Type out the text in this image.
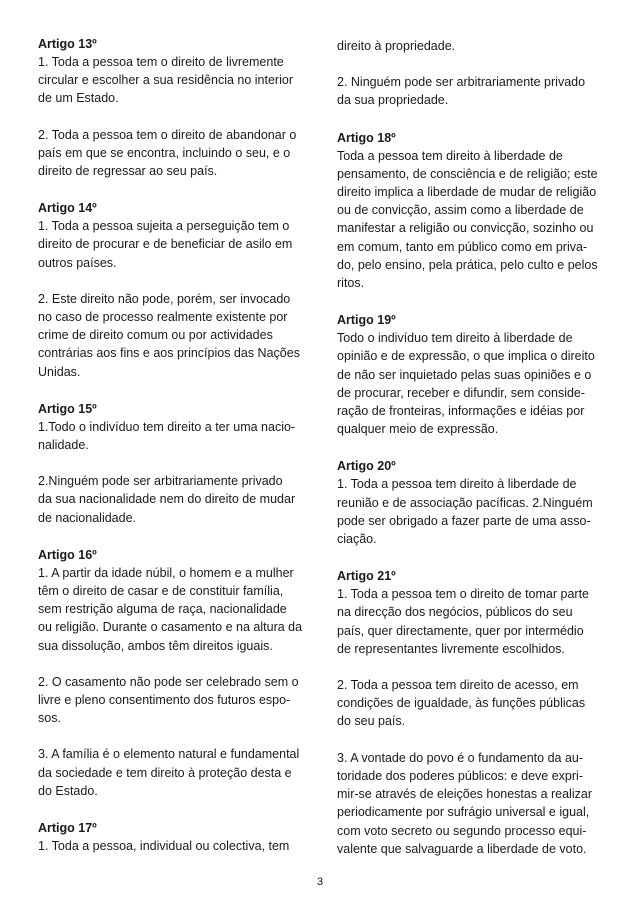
Artigo 13º

1. Toda a pessoa tem o direito de livremente
circular e escolher a sua residência no interior
de um Estado.

2. Toda a pessoa tem o direito de abandonar o
país em que se encontra, incluindo o seu, e o
direito de regressar ao seu país.

Artigo 14º

1. Toda a pessoa sujeita a perseguição tem o
direito de procurar e de beneficiar de asilo em
outros países.

2. Este direito não pode, porém, ser invocado
no caso de processo realmente existente por
crime de direito comum ou por actividades
contrárias aos fins e aos princípios das Nações
Unidas.

Artigo 15º

1.Todo o indivíduo tem direito a ter uma nacio-
nalidade.

2.Ninguém pode ser arbitrariamente privado
da sua nacionalidade nem do direito de mudar
de nacionalidade.

Artigo 16º

1. A partir da idade núbil, o homem e a mulher
têm o direito de casar e de constituir família,
sem restrição alguma de raça, nacionalidade
ou religião. Durante o casamento e na altura da
sua dissolução, ambos têm direitos iguais.

2. O casamento não pode ser celebrado sem o
livre e pleno consentimento dos futuros espo-
sos.

3. A família é o elemento natural e fundamental
da sociedade e tem direito à proteção desta e
do Estado.

Artigo 17º

1. Toda a pessoa, individual ou colectiva, tem

direito à propriedade.

2. Ninguém pode ser arbitrariamente privado
da sua propriedade.

Artigo 18º

Toda a pessoa tem direito à liberdade de
pensamento, de consciência e de religião; este
direito implica a liberdade de mudar de religião
ou de convicção, assim como a liberdade de
manifestar a religião ou convicção, sozinho ou
em comum, tanto em público como em priva-
do, pelo ensino, pela prática, pelo culto e pelos
ritos.

Artigo 19º

Todo o indivíduo tem direito à liberdade de
opinião e de expressão, o que implica o direito
de não ser inquietado pelas suas opiniões e o
de procurar, receber e difundir, sem conside-
ração de fronteiras, informações e idéias por
qualquer meio de expressão.

Artigo 20º

1. Toda a pessoa tem direito à liberdade de
reunião e de associação pacíficas. 2.Ninguém
pode ser obrigado a fazer parte de uma asso-
ciação.

Artigo 21º

1. Toda a pessoa tem o direito de tomar parte
na direcção dos negócios, públicos do seu
país, quer directamente, quer por intermédio
de representantes livremente escolhidos.

2. Toda a pessoa tem direito de acesso, em
condições de igualdade, às funções públicas
do seu país.

3. A vontade do povo é o fundamento da au-
toridade dos poderes públicos: e deve expri-
mir-se através de eleições honestas a realizar
periodicamente por sufrágio universal e igual,
com voto secreto ou segundo processo equi-
valente que salvaguarde a liberdade de voto.

3
